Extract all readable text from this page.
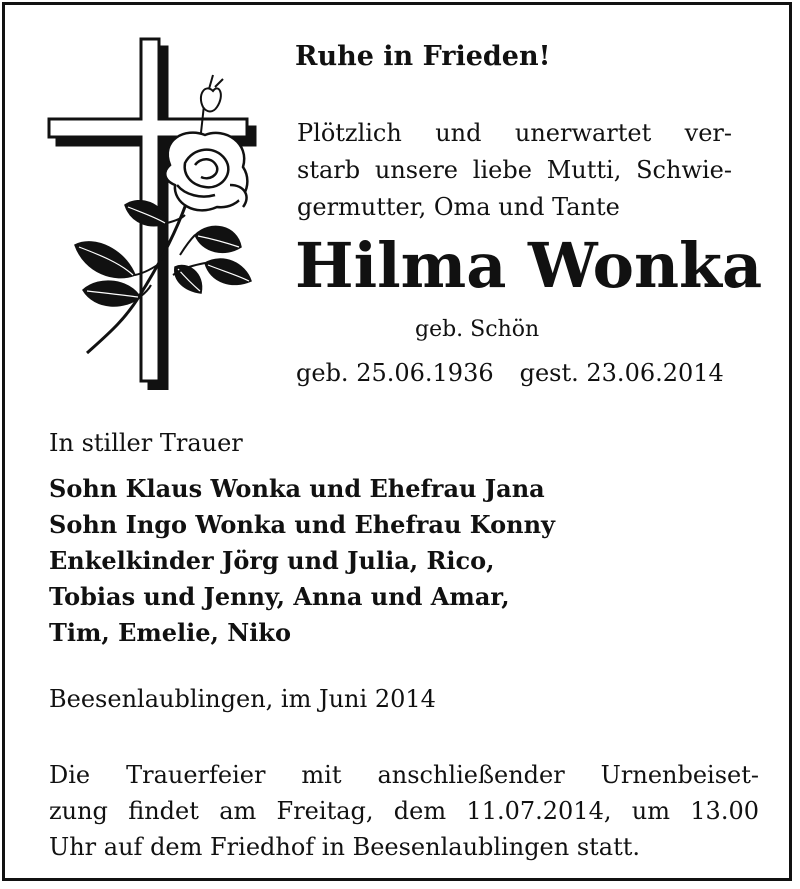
Ruhe in Frieden!
Plötzlich und unerwartet ver-
starb unsere liebe Mutti, Schwie-
germutter, Oma und Tante
Hilma Wonka
geb. Schön
geb. 25.06.1936 gest. 23.06.2014
In stiller Trauer
Sohn Klaus Wonka und Ehefrau Jana
Sohn Ingo Wonka und Ehefrau Konny
Enkelkinder Jörg und Julia, Rico,
Tobias und Jenny, Anna und Amar,
Tim, Emelie, Niko
Beesenlaublingen, im Juni 2014
Die Trauerfeier mit anschließender Urnenbeiset-
zung findet am Freitag, dem 11.07.2014, um 13.00
Uhr auf dem Friedhof in Beesenlaublingen statt.
